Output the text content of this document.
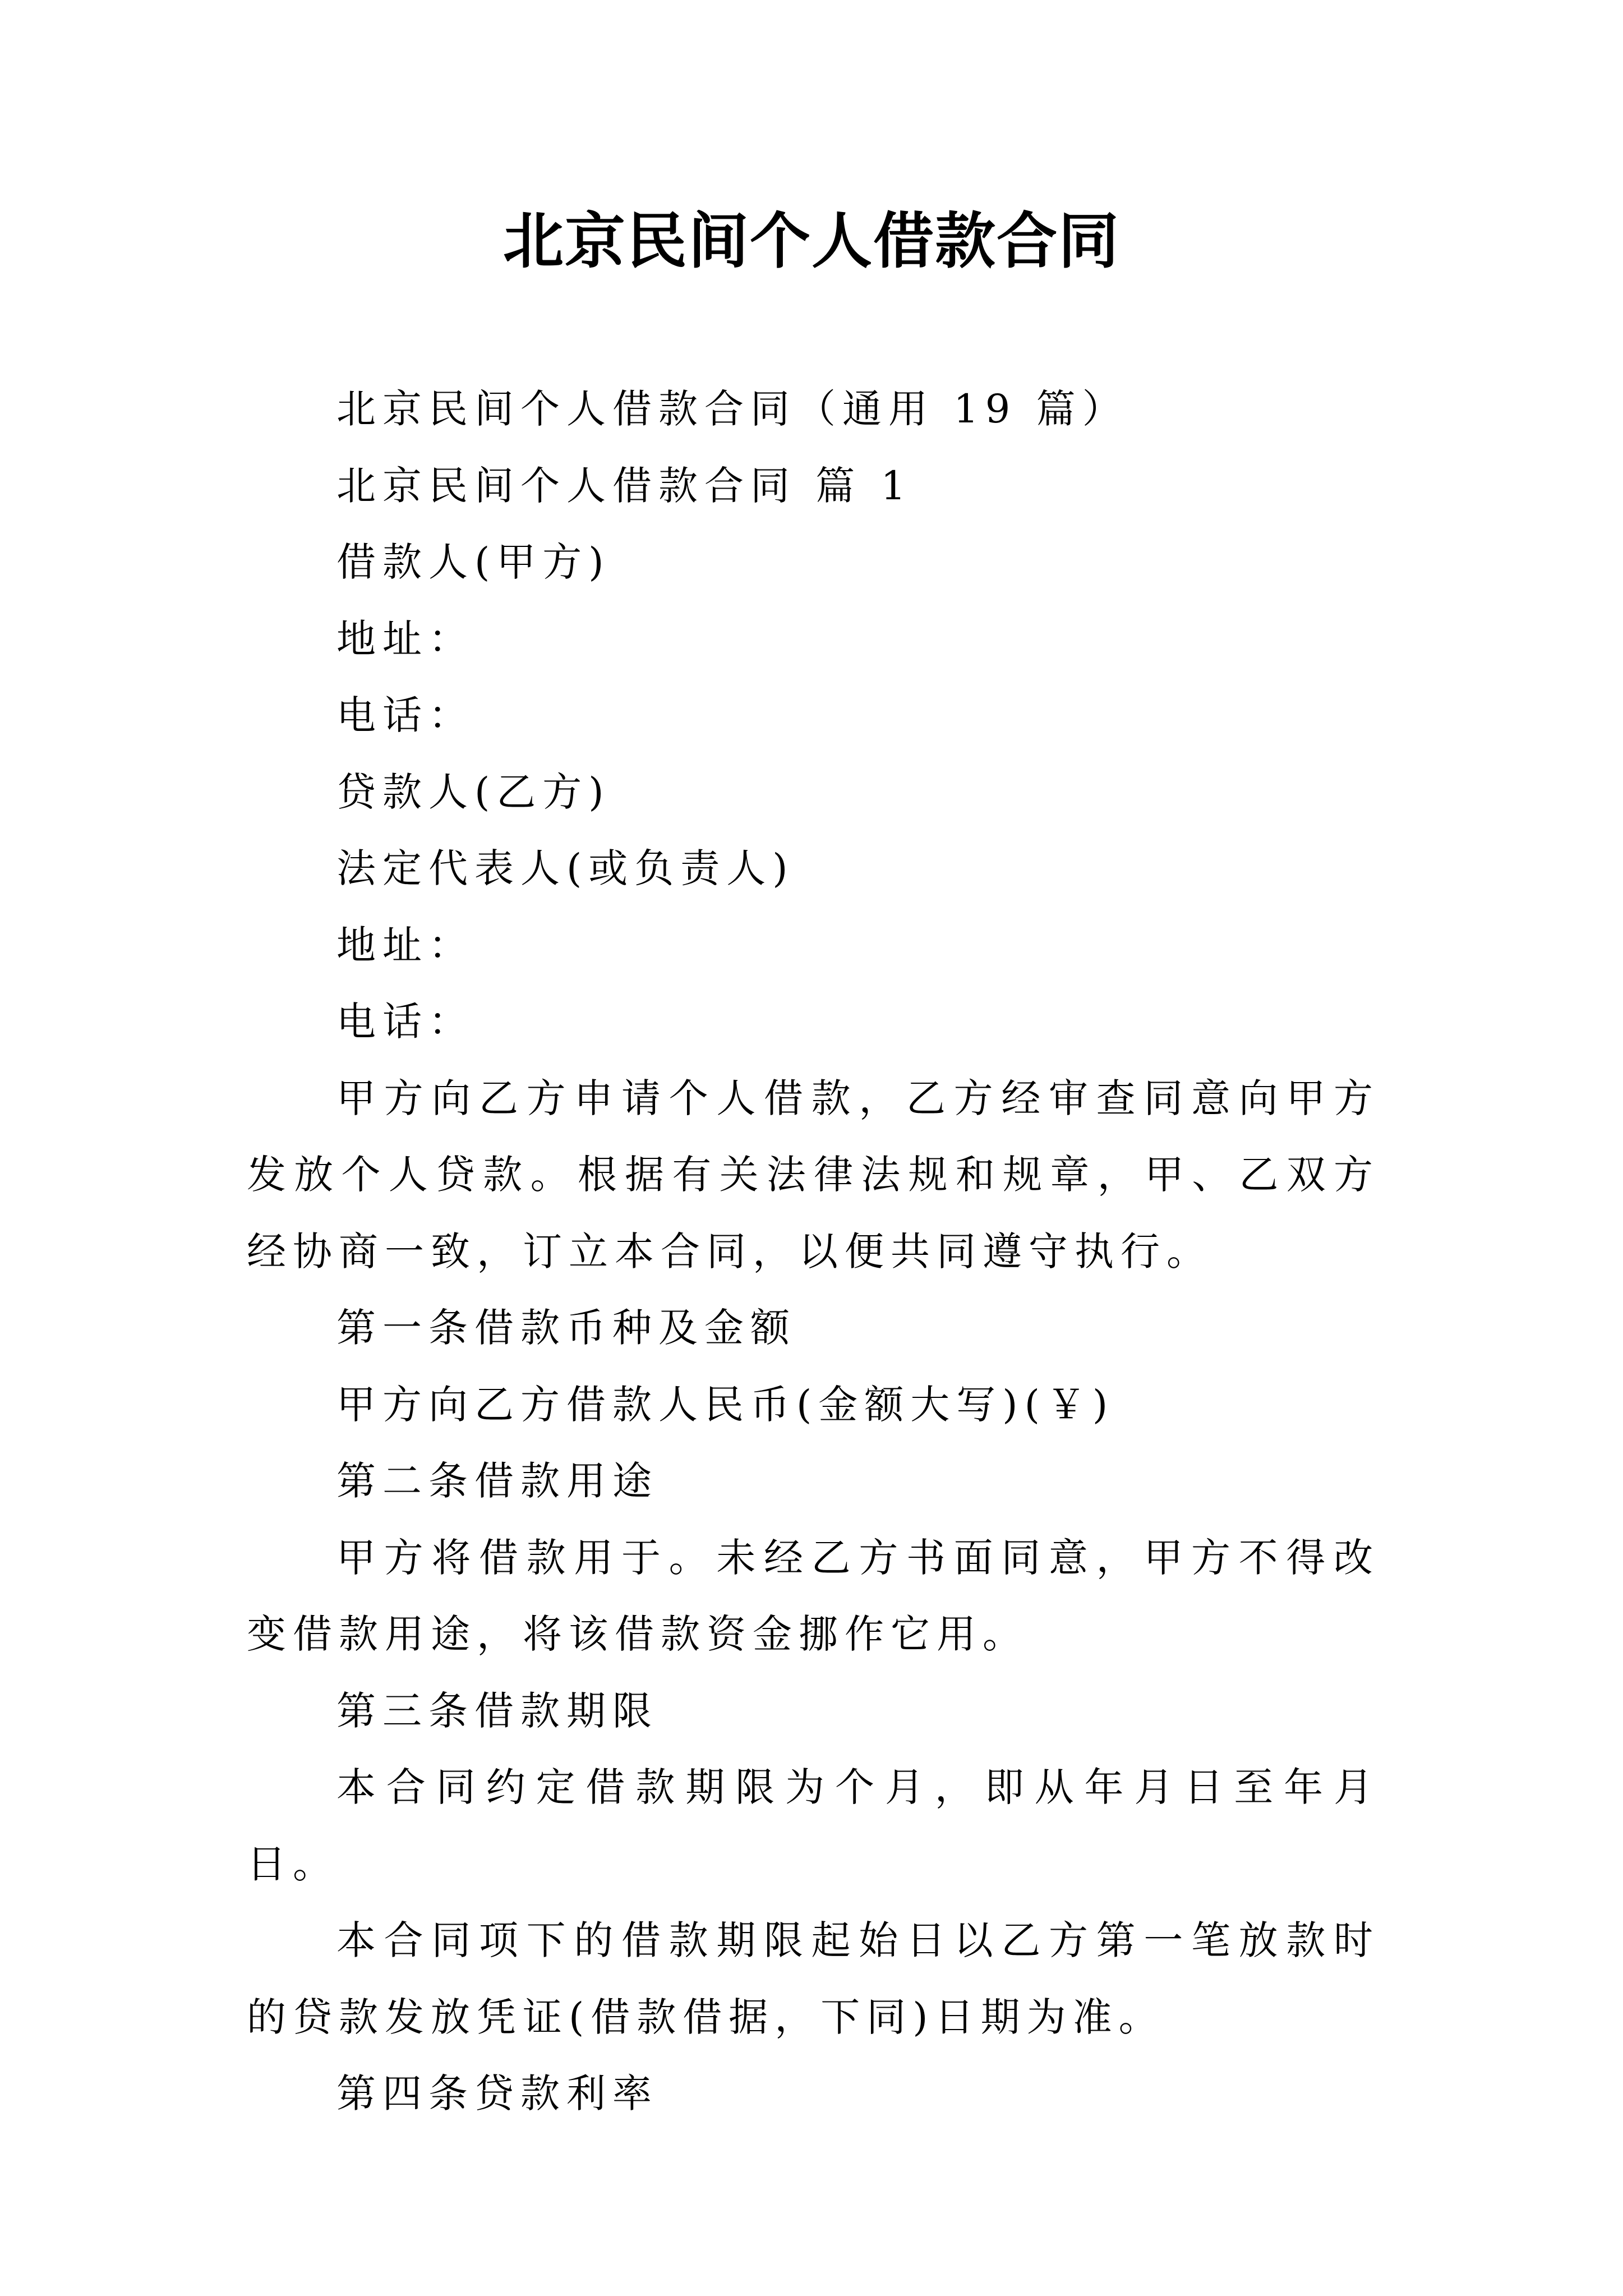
北京民间个人借款合同

北京民间个人借款合同（通用 19 篇）

北京民间个人借款合同 篇 1

借款人(甲方)

地址：

电话：

贷款人(乙方)

法定代表人(或负责人)

地址：

电话：

甲方向乙方申请个人借款，乙方经审查同意向甲方发放个人贷款。根据有关法律法规和规章，甲、乙双方经协商一致，订立本合同，以便共同遵守执行。

第一条借款币种及金额

甲方向乙方借款人民币(金额大写)(￥)

第二条借款用途

甲方将借款用于。未经乙方书面同意，甲方不得改变借款用途，将该借款资金挪作它用。

第三条借款期限

本合同约定借款期限为个月，即从年月日至年月日。

本合同项下的借款期限起始日以乙方第一笔放款时的贷款发放凭证(借款借据，下同)日期为准。

第四条贷款利率
